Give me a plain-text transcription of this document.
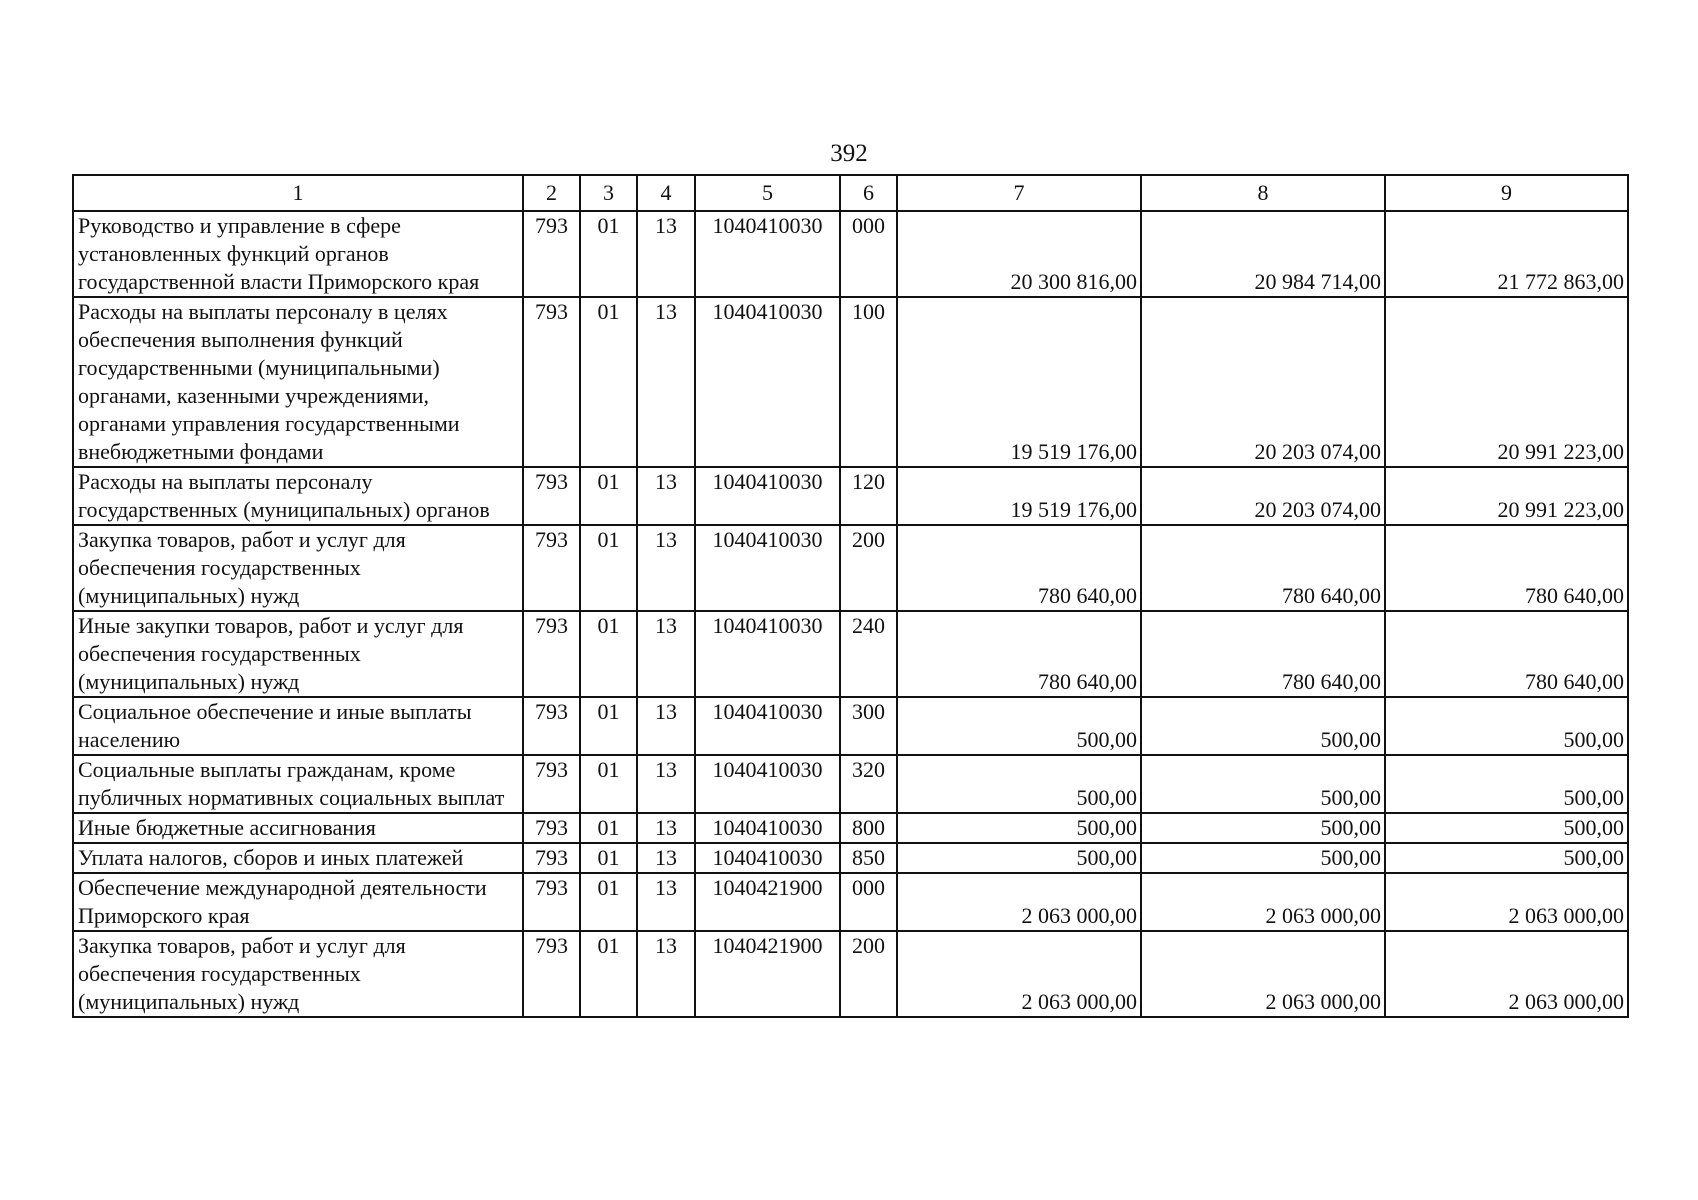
392
1	2	3	4	5	6	7	8	9
Руководство и управление в сфере установленных функций органов государственной власти Приморского края	793	01	13	1040410030	000	20 300 816,00	20 984 714,00	21 772 863,00
Расходы на выплаты персоналу в целях обеспечения выполнения функций государственными (муниципальными) органами, казенными учреждениями, органами управления государственными внебюджетными фондами	793	01	13	1040410030	100	19 519 176,00	20 203 074,00	20 991 223,00
Расходы на выплаты персоналу государственных (муниципальных) органов	793	01	13	1040410030	120	19 519 176,00	20 203 074,00	20 991 223,00
Закупка товаров, работ и услуг для обеспечения государственных (муниципальных) нужд	793	01	13	1040410030	200	780 640,00	780 640,00	780 640,00
Иные закупки товаров, работ и услуг для обеспечения государственных (муниципальных) нужд	793	01	13	1040410030	240	780 640,00	780 640,00	780 640,00
Социальное обеспечение и иные выплаты населению	793	01	13	1040410030	300	500,00	500,00	500,00
Социальные выплаты гражданам, кроме публичных нормативных социальных выплат	793	01	13	1040410030	320	500,00	500,00	500,00
Иные бюджетные ассигнования	793	01	13	1040410030	800	500,00	500,00	500,00
Уплата налогов, сборов и иных платежей	793	01	13	1040410030	850	500,00	500,00	500,00
Обеспечение международной деятельности Приморского края	793	01	13	1040421900	000	2 063 000,00	2 063 000,00	2 063 000,00
Закупка товаров, работ и услуг для обеспечения государственных (муниципальных) нужд	793	01	13	1040421900	200	2 063 000,00	2 063 000,00	2 063 000,00
